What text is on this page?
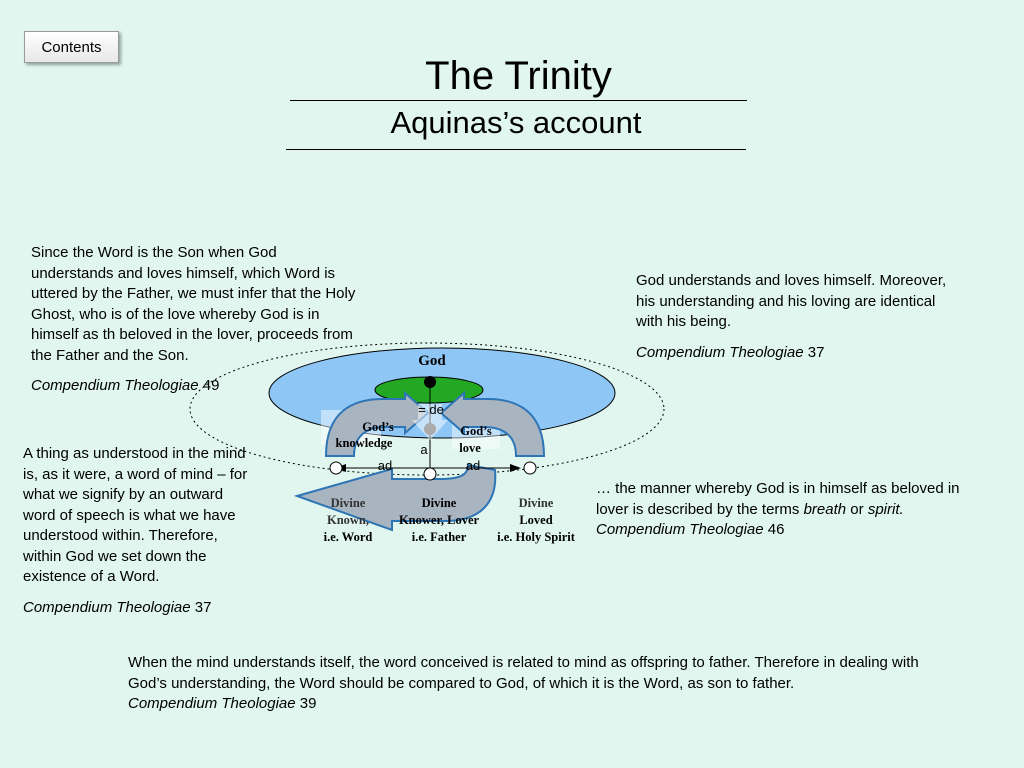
Contents
The Trinity
Aquinas’s account
God
= de
a
ad	ad
God’s
knowledge
God’s
love
Divine
Known,
i.e. Word
Divine
Knower, Lover
i.e. Father
Divine
Loved
i.e. Holy Spirit

Since the Word is the Son when God understands and loves himself, which Word is uttered by the Father, we must infer that the Holy Ghost, who is of the love whereby God is in himself as th beloved in the lover, proceeds from the Father and the Son.

Compendium Theologiae 49

A thing as understood in the mind is, as it were, a word of mind – for what we signify by an outward word of speech is what we have understood within. Therefore, within God we set down the existence of a Word.

Compendium Theologiae 37

God understands and loves himself. Moreover, his understanding and his loving are identical with his being.

Compendium Theologiae 37

… the manner whereby God is in himself as beloved in lover is described by the terms breath or spirit.

Compendium Theologiae 46

When the mind understands itself, the word conceived is related to mind as offspring to father. Therefore in dealing with God’s understanding, the Word should be compared to God, of which it is the Word, as son to father.

Compendium Theologiae 39
